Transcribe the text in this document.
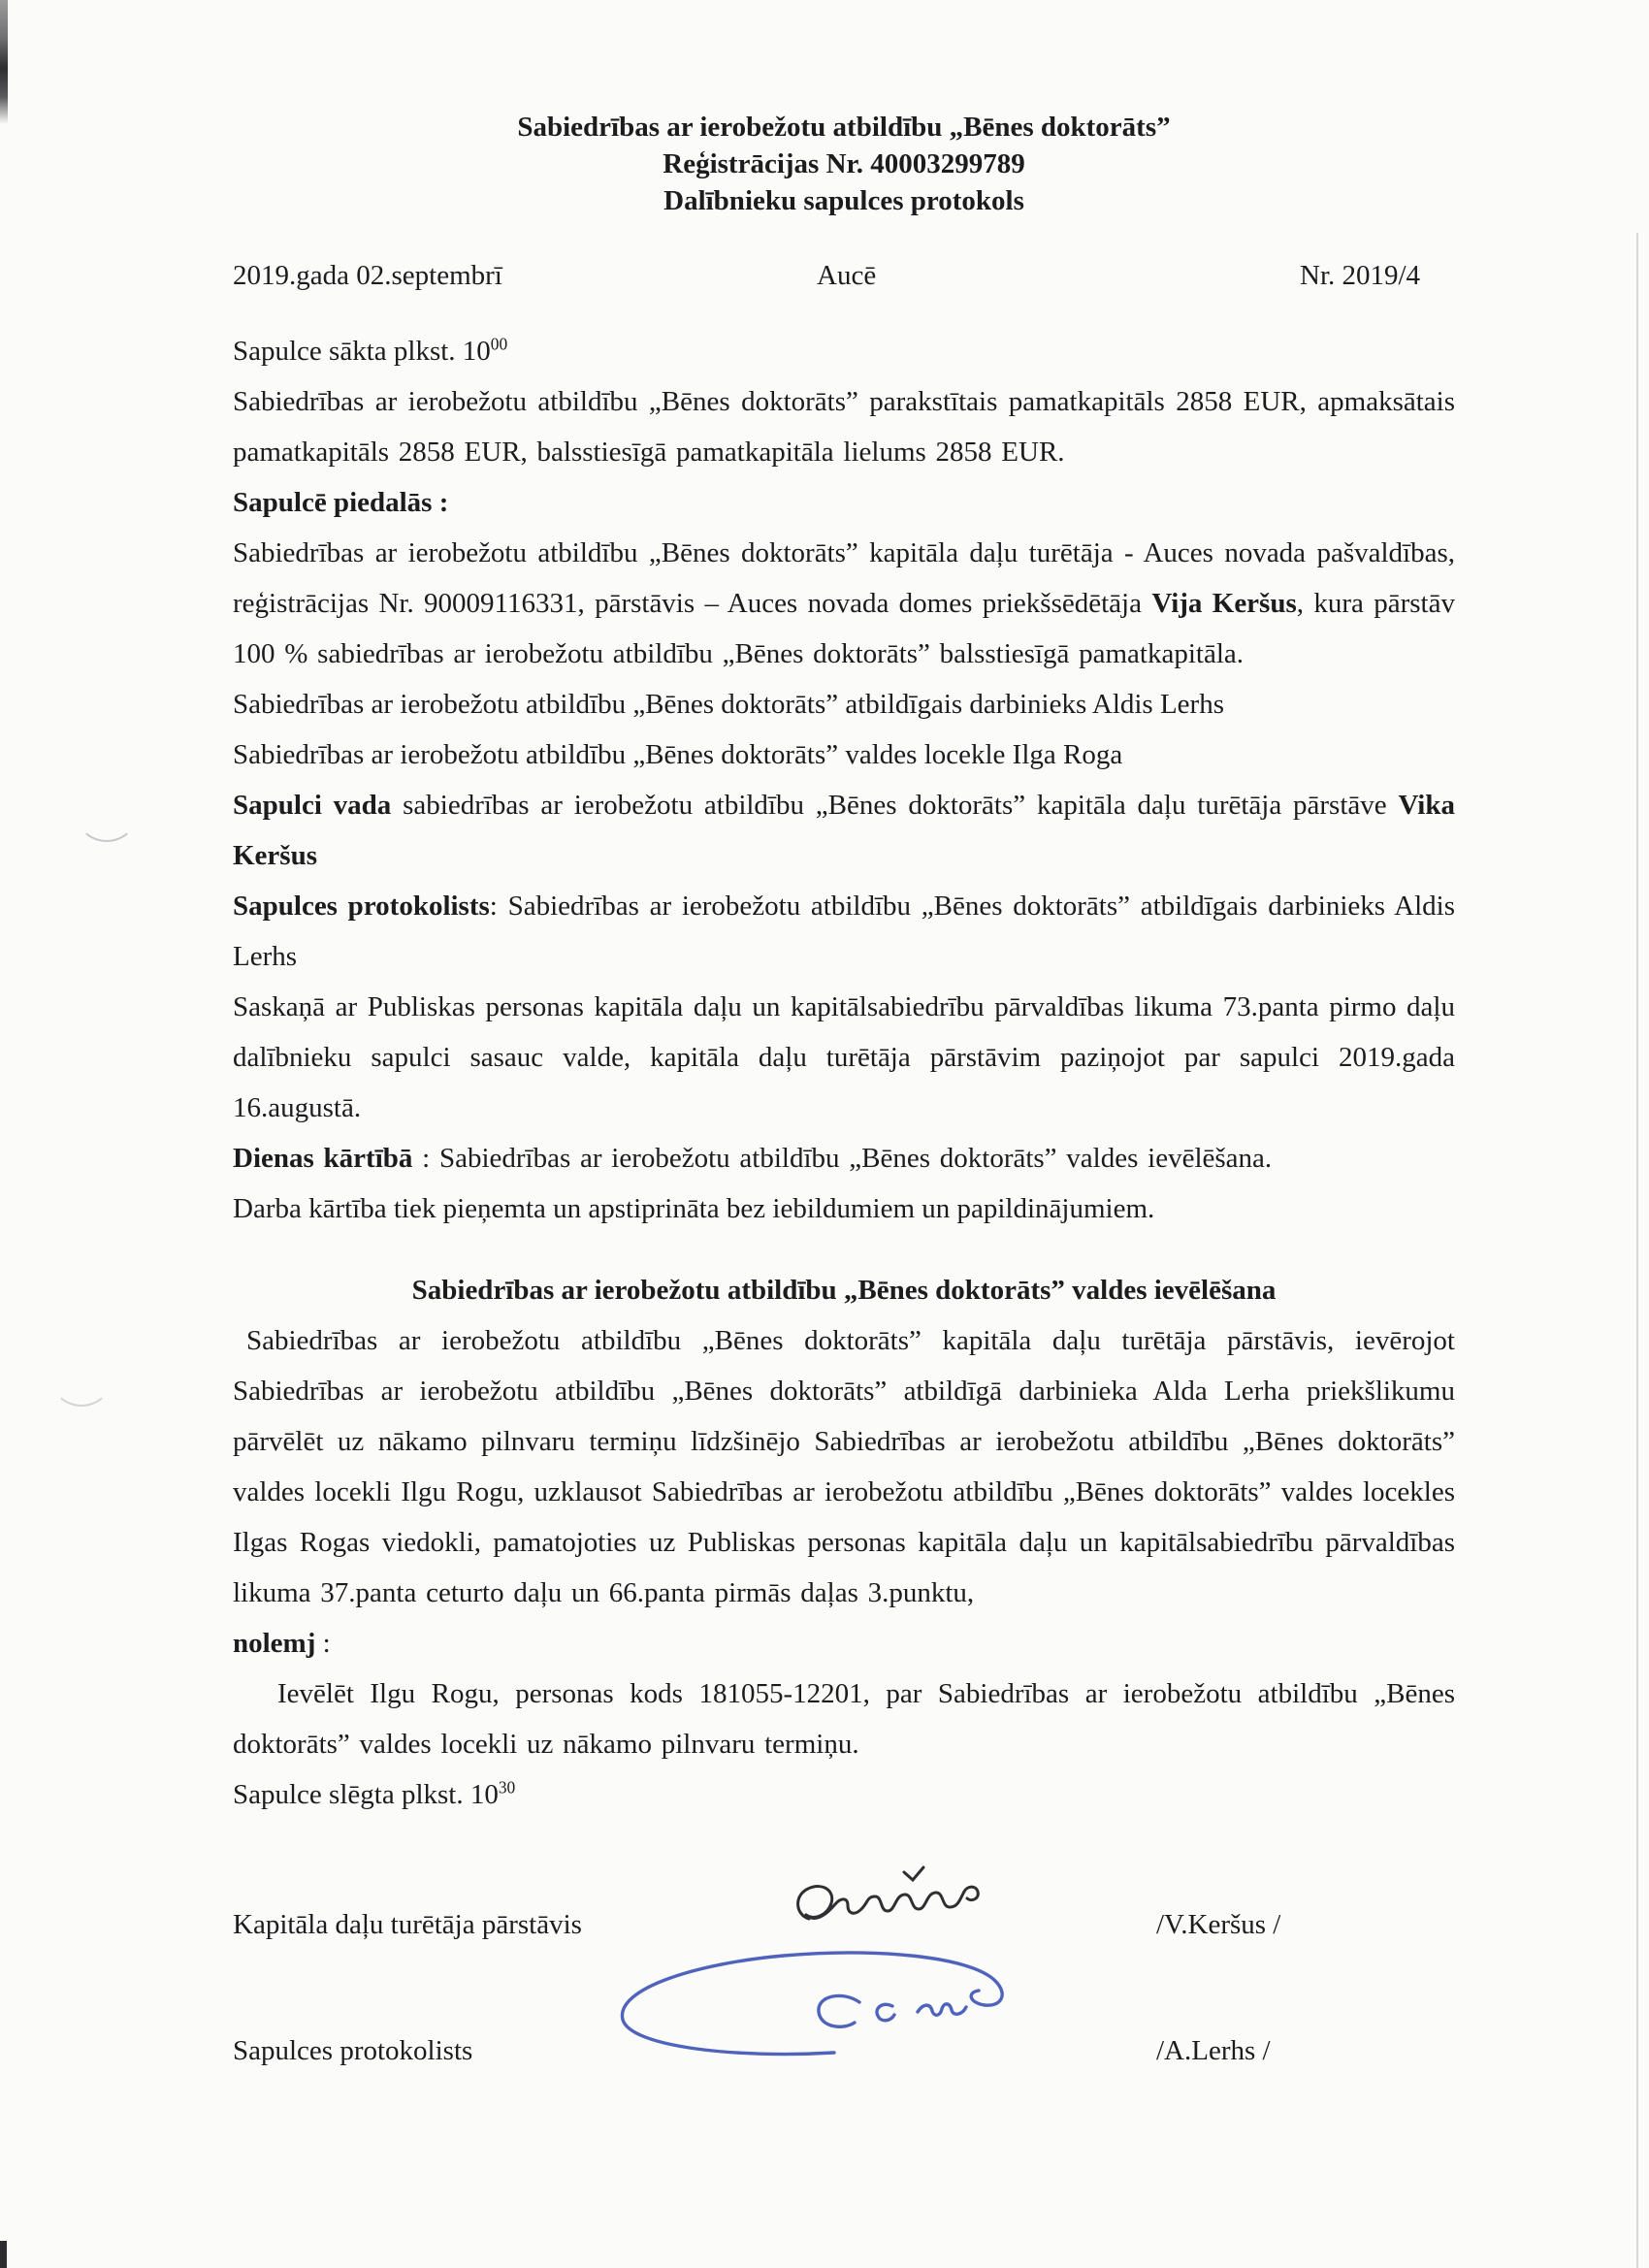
Sabiedrības ar ierobežotu atbildību „Bēnes doktorāts”
Reģistrācijas Nr. 40003299789
Dalībnieku sapulces protokols
2019.gada 02.septembrī	Aucē	Nr. 2019/4

Sapulce sākta plkst. $10^{00}$

Sabiedrības ar ierobežotu atbildību „Bēnes doktorāts” parakstītais pamatkapitāls 2858 EUR, apmaksātais pamatkapitāls 2858 EUR, balsstiesīgā pamatkapitāla lielums 2858 EUR.

Sapulcē piedalās :

Sabiedrības ar ierobežotu atbildību „Bēnes doktorāts” kapitāla daļu turētāja - Auces novada pašvaldības, reģistrācijas Nr. 90009116331, pārstāvis – Auces novada domes priekšsēdētāja Vija Keršus, kura pārstāv 100 % sabiedrības ar ierobežotu atbildību „Bēnes doktorāts” balsstiesīgā pamatkapitāla.

Sabiedrības ar ierobežotu atbildību „Bēnes doktorāts” atbildīgais darbinieks Aldis Lerhs

Sabiedrības ar ierobežotu atbildību „Bēnes doktorāts” valdes locekle Ilga Roga

Sapulci vada sabiedrības ar ierobežotu atbildību „Bēnes doktorāts” kapitāla daļu turētāja pārstāve Vika Keršus

Sapulces protokolists: Sabiedrības ar ierobežotu atbildību „Bēnes doktorāts” atbildīgais darbinieks Aldis Lerhs

Saskaņā ar Publiskas personas kapitāla daļu un kapitālsabiedrību pārvaldības likuma 73.panta pirmo daļu dalībnieku sapulci sasauc valde, kapitāla daļu turētāja pārstāvim paziņojot par sapulci 2019.gada 16.augustā.

Dienas kārtībā : Sabiedrības ar ierobežotu atbildību „Bēnes doktorāts” valdes ievēlēšana.

Darba kārtība tiek pieņemta un apstiprināta bez iebildumiem un papildinājumiem.

Sabiedrības ar ierobežotu atbildību „Bēnes doktorāts” valdes ievēlēšana

Sabiedrības ar ierobežotu atbildību „Bēnes doktorāts” kapitāla daļu turētāja pārstāvis, ievērojot Sabiedrības ar ierobežotu atbildību „Bēnes doktorāts” atbildīgā darbinieka Alda Lerha priekšlikumu pārvēlēt uz nākamo pilnvaru termiņu līdzšinējo Sabiedrības ar ierobežotu atbildību „Bēnes doktorāts” valdes locekli Ilgu Rogu, uzklausot Sabiedrības ar ierobežotu atbildību „Bēnes doktorāts” valdes locekles Ilgas Rogas viedokli, pamatojoties uz Publiskas personas kapitāla daļu un kapitālsabiedrību pārvaldības likuma 37.panta ceturto daļu un 66.panta pirmās daļas 3.punktu,

nolemj :

Ievēlēt Ilgu Rogu, personas kods 181055-12201, par Sabiedrības ar ierobežotu atbildību „Bēnes doktorāts” valdes locekli uz nākamo pilnvaru termiņu.

Sapulce slēgta plkst. $10^{30}$

Kapitāla daļu turētāja pārstāvis	/V.Keršus /
Sapulces protokolists	/A.Lerhs /
